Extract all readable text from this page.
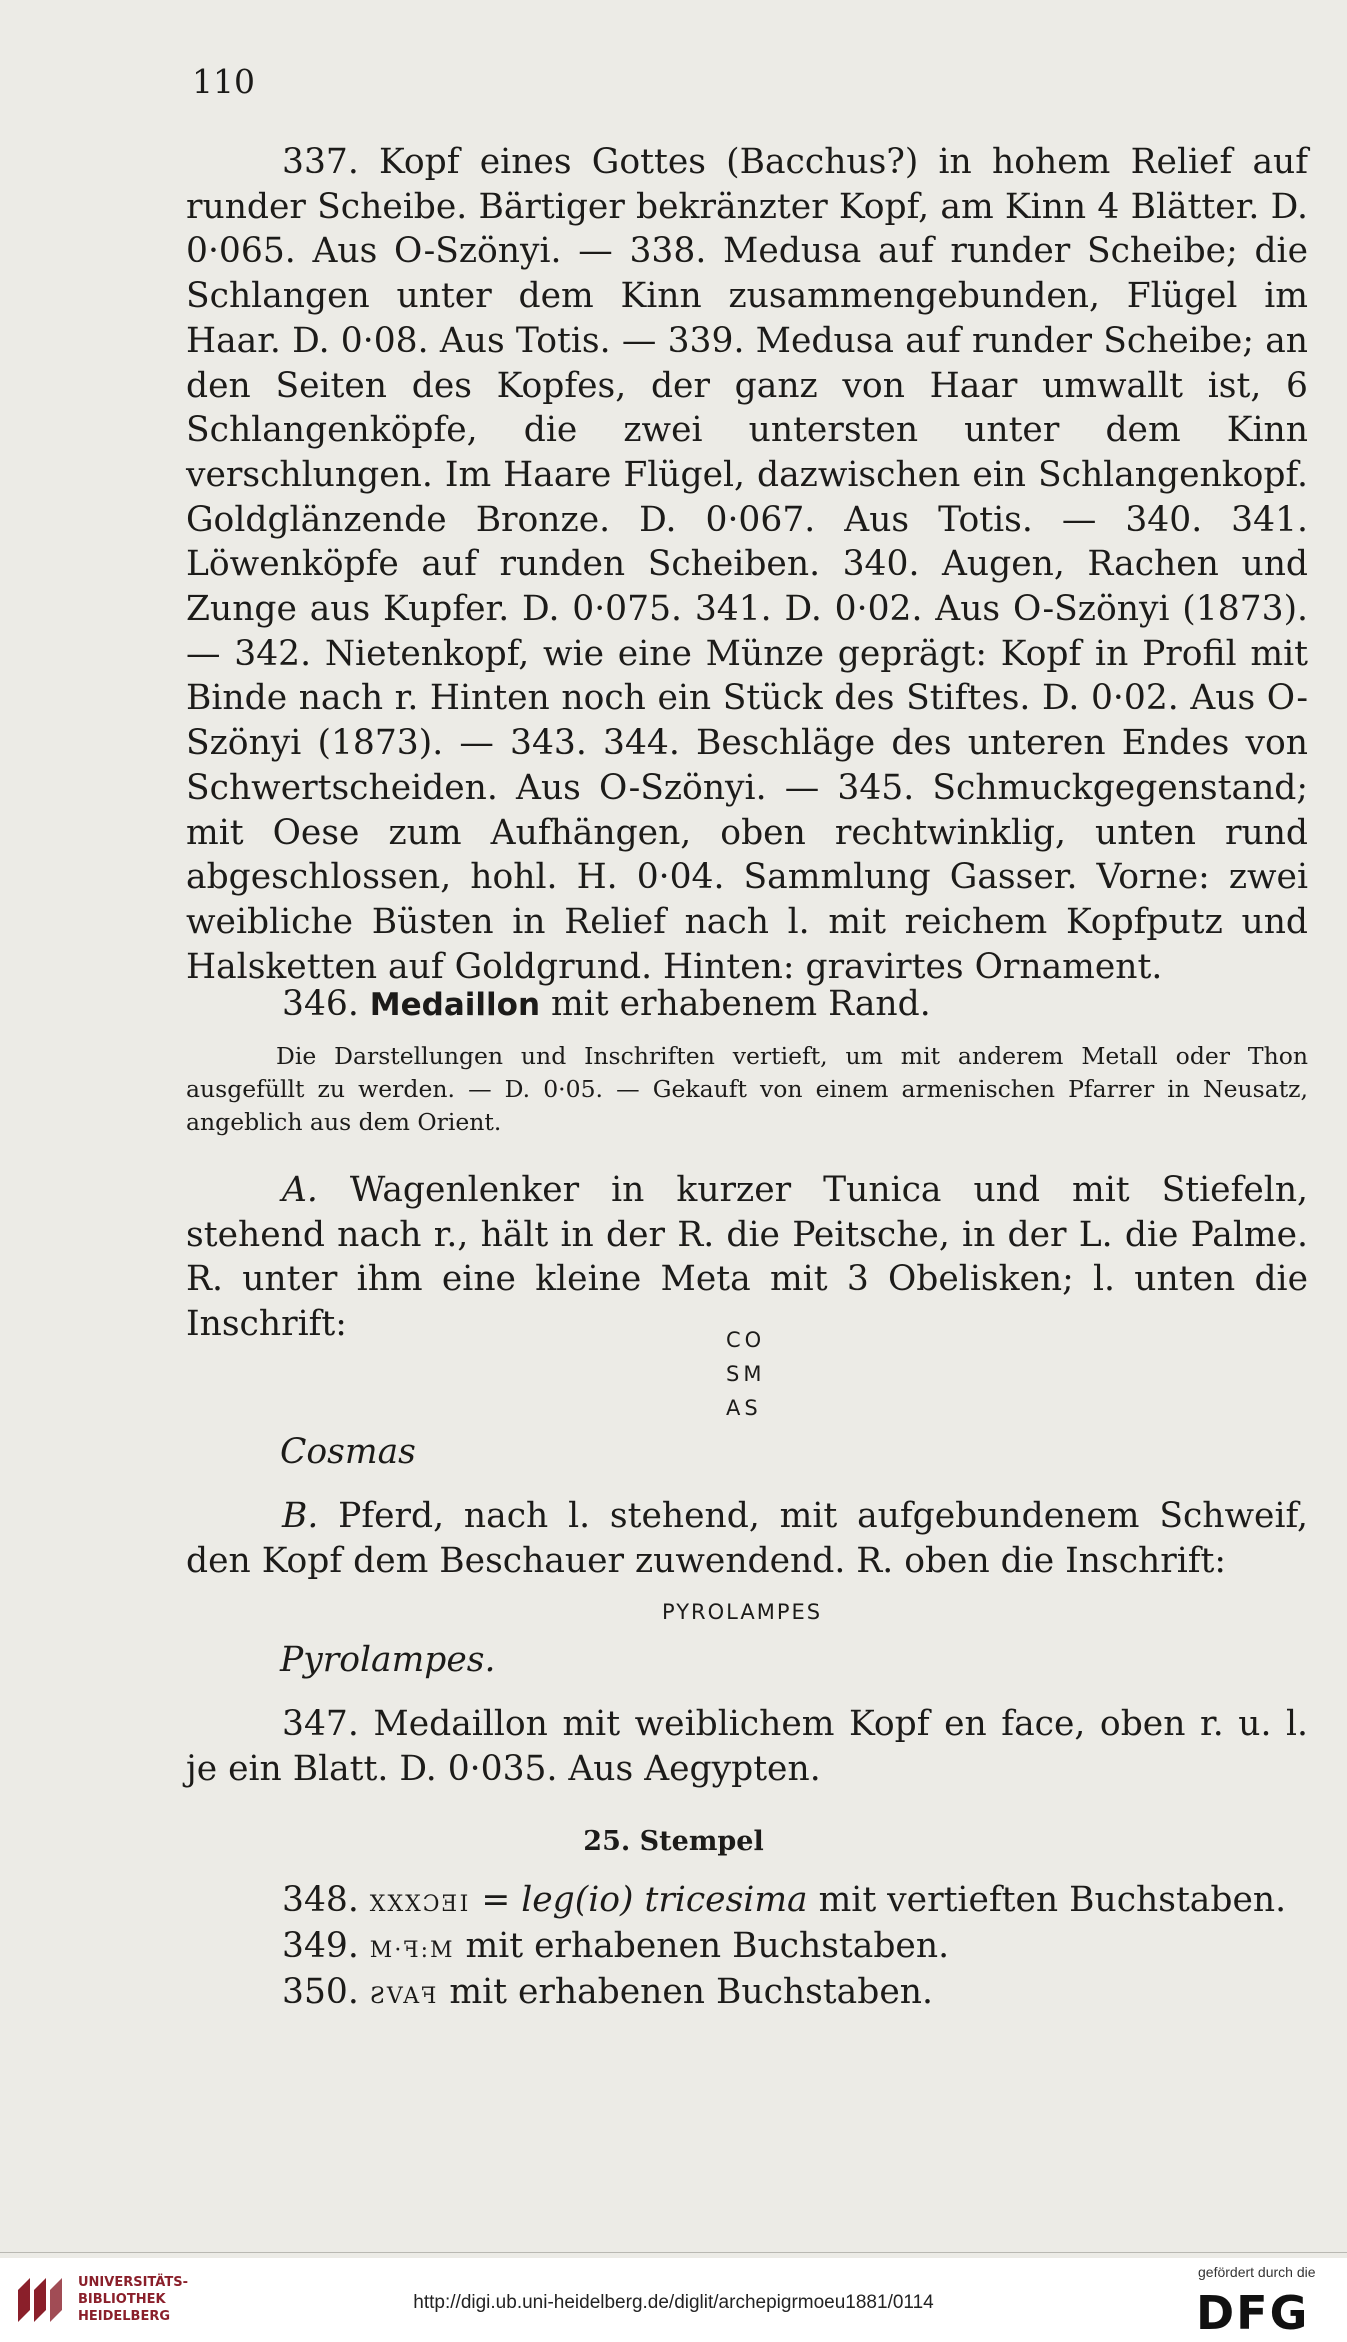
110

337. Kopf eines Gottes (Bacchus?) in hohem Relief auf runder Scheibe. Bärtiger bekränzter Kopf, am Kinn 4 Blätter. D. 0·065. Aus O-Szönyi. — 338. Medusa auf runder Scheibe; die Schlangen unter dem Kinn zusammengebunden, Flügel im Haar. D. 0·08. Aus Totis. — 339. Medusa auf runder Scheibe; an den Seiten des Kopfes, der ganz von Haar umwallt ist, 6 Schlangenköpfe, die zwei untersten unter dem Kinn verschlungen. Im Haare Flügel, dazwischen ein Schlangenkopf. Goldglänzende Bronze. D. 0·067. Aus Totis. — 340. 341. Löwenköpfe auf runden Scheiben. 340. Augen, Rachen und Zunge aus Kupfer. D. 0·075. 341. D. 0·02. Aus O-Szönyi (1873). — 342. Nietenkopf, wie eine Münze geprägt: Kopf in Profil mit Binde nach r. Hinten noch ein Stück des Stiftes. D. 0·02. Aus O-Szönyi (1873). — 343. 344. Beschläge des unteren Endes von Schwertscheiden. Aus O-Szönyi. — 345. Schmuckgegenstand; mit Oese zum Aufhängen, oben rechtwinklig, unten rund abgeschlossen, hohl. H. 0·04. Sammlung Gasser. Vorne: zwei weibliche Büsten in Relief nach l. mit reichem Kopfputz und Halsketten auf Goldgrund. Hinten: gravirtes Ornament.

346. Medaillon mit erhabenem Rand.

Die Darstellungen und Inschriften vertieft, um mit anderem Metall oder Thon ausgefüllt zu werden. — D. 0·05. — Gekauft von einem armenischen Pfarrer in Neusatz, angeblich aus dem Orient.

A. Wagenlenker in kurzer Tunica und mit Stiefeln, stehend nach r., hält in der R. die Peitsche, in der L. die Palme. R. unter ihm eine kleine Meta mit 3 Obelisken; l. unten die Inschrift:	CO
SM
AS
Cosmas

B. Pferd, nach l. stehend, mit aufgebundenem Schweif, den Kopf dem Beschauer zuwendend. R. oben die Inschrift:

PYROLAMPES
Pyrolampes.

347. Medaillon mit weiblichem Kopf en face, oben r. u. l. je ein Blatt. D. 0·035. Aus Aegypten.

25. Stempel
348. XXXƆƎI = leg(io) tricesima mit vertieften Buchstaben.
349. M·ꟻ:M mit erhabenen Buchstaben.
350. ƧVAꟻ mit erhabenen Buchstaben.
UNIVERSITÄTS-
BIBLIOTHEK
HEIDELBERG
http://digi.ub.uni-heidelberg.de/diglit/archepigrmoeu1881/0114
gefördert durch die
DFG
